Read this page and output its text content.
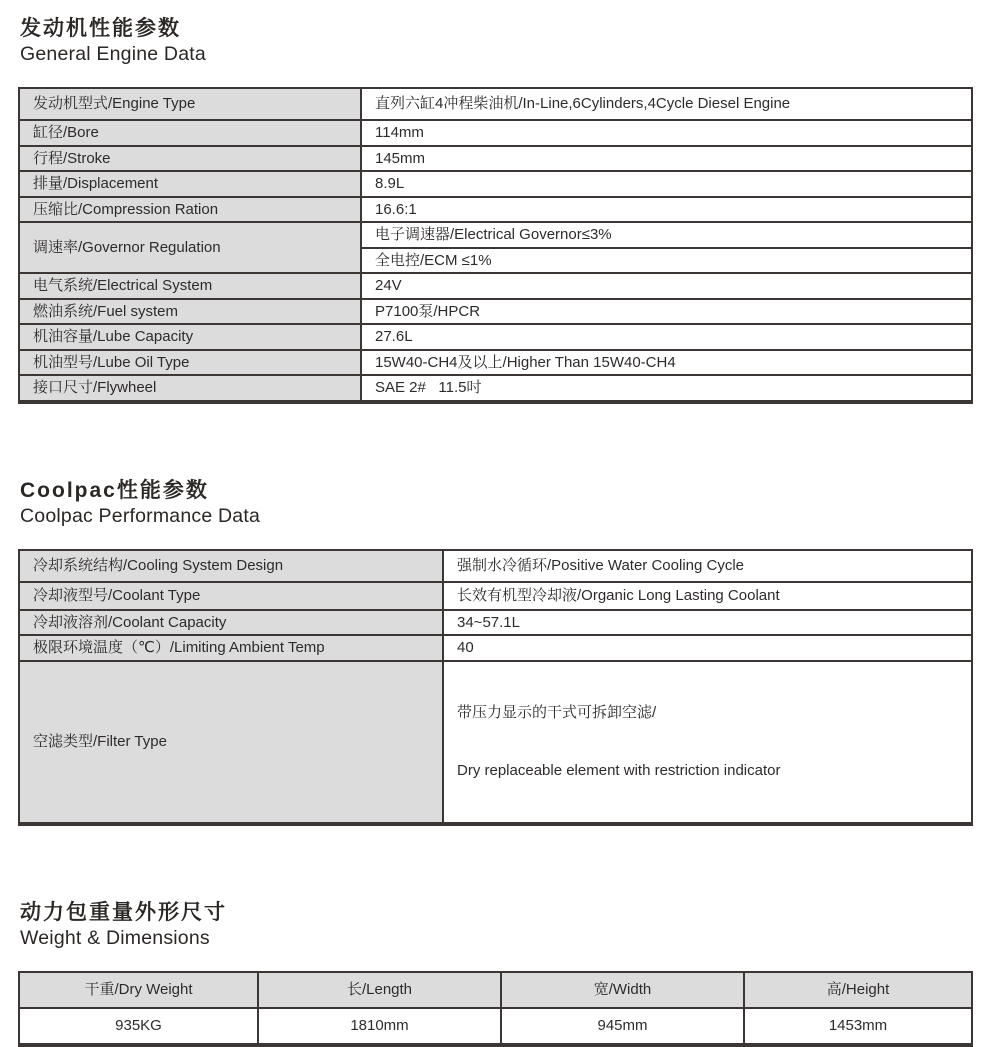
发动机性能参数
General Engine Data
发动机型式/Engine Type	直列六缸4冲程柴油机/In-Line,6Cylinders,4Cycle Diesel Engine
缸径/Bore	114mm
行程/Stroke	145mm
排量/Displacement	8.9L
压缩比/Compression Ration	16.6:1
调速率/Governor Regulation	电子调速器/Electrical Governor≤3%
	全电控/ECM ≤1%
电气系统/Electrical System	24V
燃油系统/Fuel system	P7100泵/HPCR
机油容量/Lube Capacity	27.6L
机油型号/Lube Oil Type	15W40-CH4及以上/Higher Than 15W40-CH4
接口尺寸/Flywheel	SAE 2#   11.5吋
Coolpac性能参数
Coolpac Performance Data
冷却系统结构/Cooling System Design	强制水冷循环/Positive Water Cooling Cycle
冷却液型号/Coolant Type	长效有机型冷却液/Organic Long Lasting Coolant
冷却液溶剂/Coolant Capacity	34~57.1L
极限环境温度（℃）/Limiting Ambient Temp	40
空滤类型/Filter Type	带压力显示的干式可拆卸空滤/

Dry replaceable element with restriction indicator

动力包重量外形尺寸
Weight & Dimensions
干重/Dry Weight	长/Length	宽/Width	高/Height
935KG	1810mm	945mm	1453mm
